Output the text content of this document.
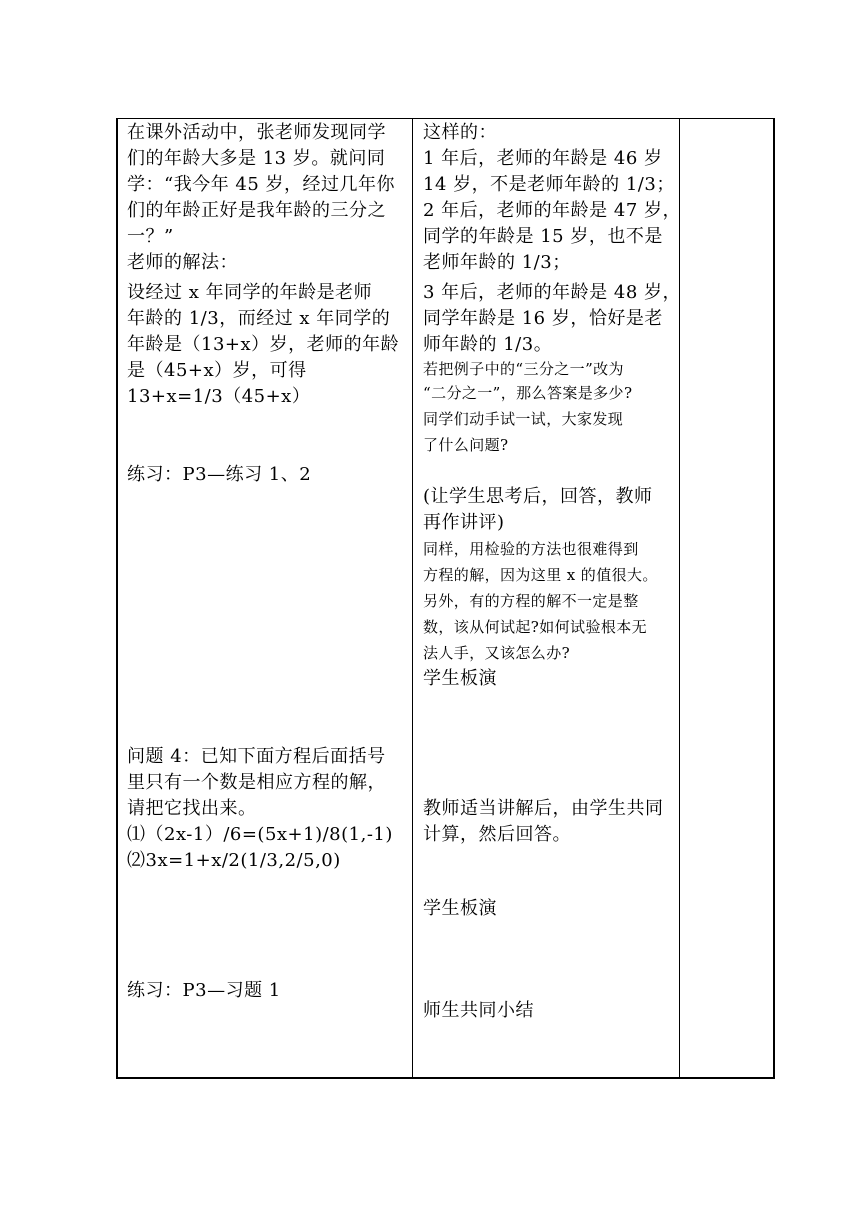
在课外活动中，张老师发现同学
们的年龄大多是 13 岁。就问同
学：“我今年 45 岁，经过几年你
们的年龄正好是我年龄的三分之
一？”
老师的解法：
设经过 x 年同学的年龄是老师
年龄的 1/3，而经过 x 年同学的
年龄是（13+x）岁，老师的年龄
是（45+x）岁，可得
13+x=1/3（45+x）
练习：P3—练习 1、2
问题 4：已知下面方程后面括号
里只有一个数是相应方程的解，
请把它找出来。
⑴（2x-1）/6=(5x+1)/8(1,-1)
⑵3x=1+x/2(1/3,2/5,0)
练习：P3—习题 1
这样的：
1 年后，老师的年龄是 46 岁
14 岁，不是老师年龄的 1/3；
2 年后，老师的年龄是 47 岁，
同学的年龄是 15 岁，也不是
老师年龄的 1/3；
3 年后，老师的年龄是 48 岁，
同学年龄是 16 岁，恰好是老
师年龄的 1/3。
若把例子中的“三分之一”改为
“二分之一”，那么答案是多少?
同学们动手试一试，大家发现
了什么问题?
(让学生思考后，回答，教师
再作讲评)
同样，用检验的方法也很难得到
方程的解，因为这里 x 的值很大。
另外，有的方程的解不一定是整
数，该从何试起?如何试验根本无
法人手，又该怎么办?
学生板演
教师适当讲解后，由学生共同
计算，然后回答。
学生板演
师生共同小结
